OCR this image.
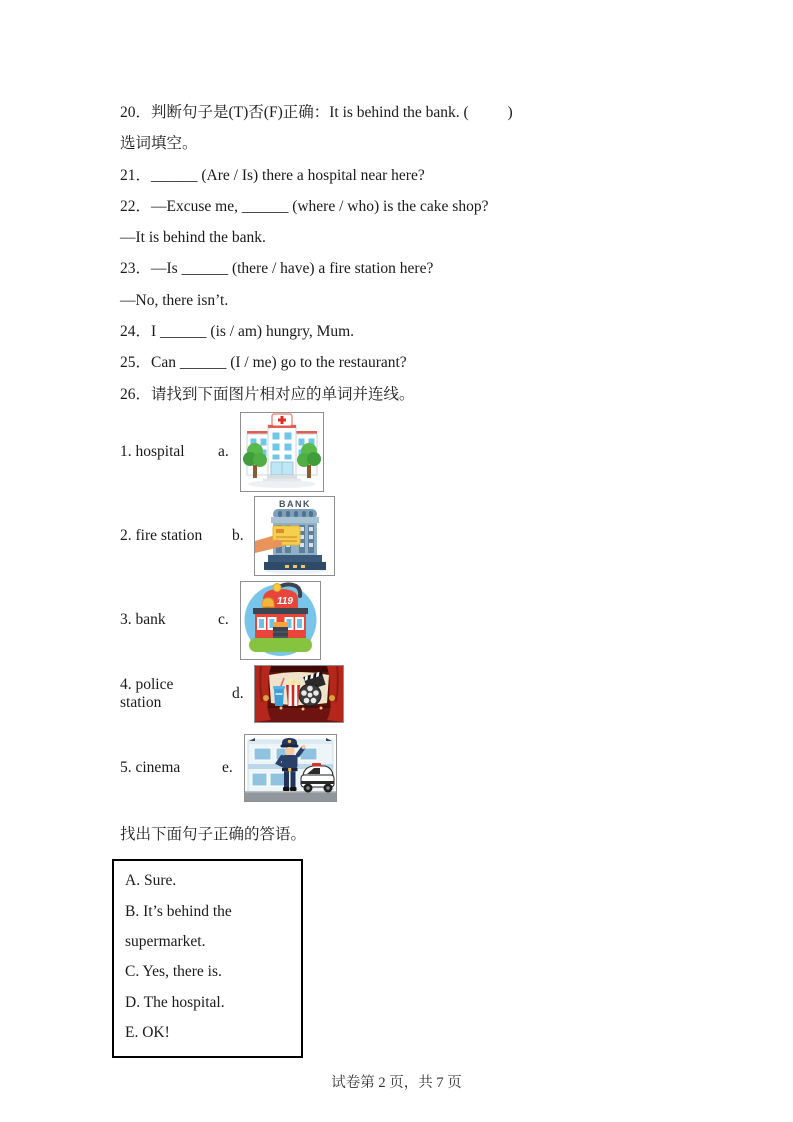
20．判断句子是(T)否(F)正确：It is behind the bank. (          )

选词填空。

21．______ (Are / Is) there a hospital near here?

22．—Excuse me, ______ (where / who) is the cake shop?

—It is behind the bank.

23．—Is ______ (there / have) a fire station here?

—No, there isn’t.

24．I ______ (is / am) hungry, Mum.

25．Can ______ (I / me) go to the restaurant?

26．请找到下面图片相对应的单词并连线。

1. hospital	a.
2. fire station	b.
BANK
3. bank	c.
119
4. police station
d.
5. cinema	e.

找出下面句子正确的答语。

A. Sure.

B. It’s behind the supermarket.

C. Yes, there is.

D. The hospital.

E. OK!

试卷第 2 页，共 7 页
